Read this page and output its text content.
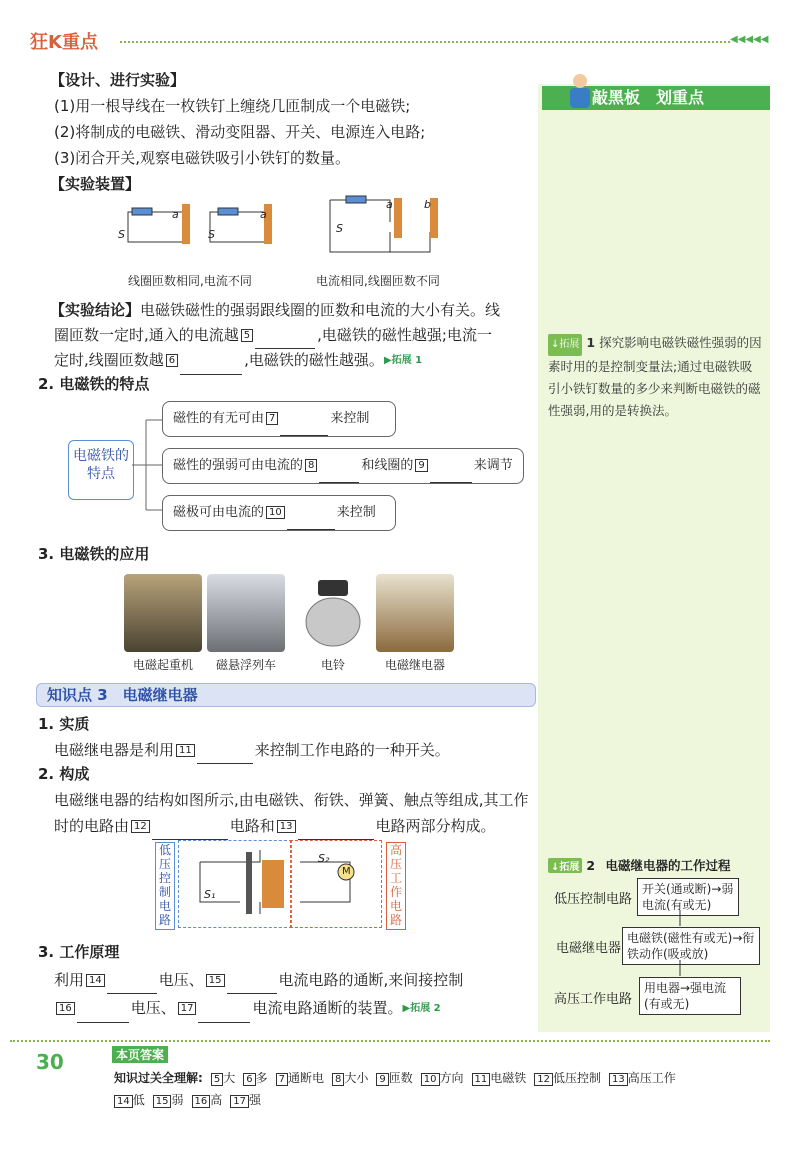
狂K重点	◀◀◀◀◀
敲黑板　划重点
↓拓展 1 探究影响电磁铁磁性强弱的因素时用的是控制变量法;通过电磁铁吸引小铁钉数量的多少来判断电磁铁的磁性强弱,用的是转换法。
↓拓展 2 电磁继电器的工作过程
低压控制电路
开关(通或断)→弱电流(有或无)
电磁继电器
电磁铁(磁性有或无)→衔铁动作(吸或放)
高压工作电路
用电器→强电流(有或无)
【设计、进行实验】
(1)用一根导线在一枚铁钉上缠绕几匝制成一个电磁铁;
(2)将制成的电磁铁、滑动变阻器、开关、电源连入电路;
(3)闭合开关,观察电磁铁吸引小铁钉的数量。
【实验装置】
a	a
a	b
S	S	S
线圈匝数相同,电流不同	电流相同,线圈匝数不同
【实验结论】电磁铁磁性的强弱跟线圈的匝数和电流的大小有关。线
圈匝数一定时,通入的电流越 5	,电磁铁的磁性越强;电流一
定时,线圈匝数越 6	,电磁铁的磁性越强。▶拓展 1
2. 电磁铁的特点
电磁铁的特点
磁性的有无可由 7	来控制
磁性的强弱可由电流的 8	和线圈的 9	来调节
磁极可由电流的 10	来控制
3. 电磁铁的应用
电磁起重机	磁悬浮列车	电铃	电磁继电器
知识点 3　电磁继电器
1. 实质
电磁继电器是利用 11	来控制工作电路的一种开关。
2. 构成
电磁继电器的结构如图所示,由电磁铁、衔铁、弹簧、触点等组成,其工作
时的电路由 12	电路和 13	电路两部分构成。
低压控制电路
高压工作电路
S₁
S₂
M
3. 工作原理
利用 14	电压、 15	电流电路的通断,来间接控制
16	电压、 17	电流电路通断的装置。▶拓展 2
30	本页答案
知识过关全理解: 5 大 6 多 7 通断电 8 大小 9 匝数 10 方向 11 电磁铁 12 低压控制 13 高压工作
14 低 15 弱 16 高 17 强
